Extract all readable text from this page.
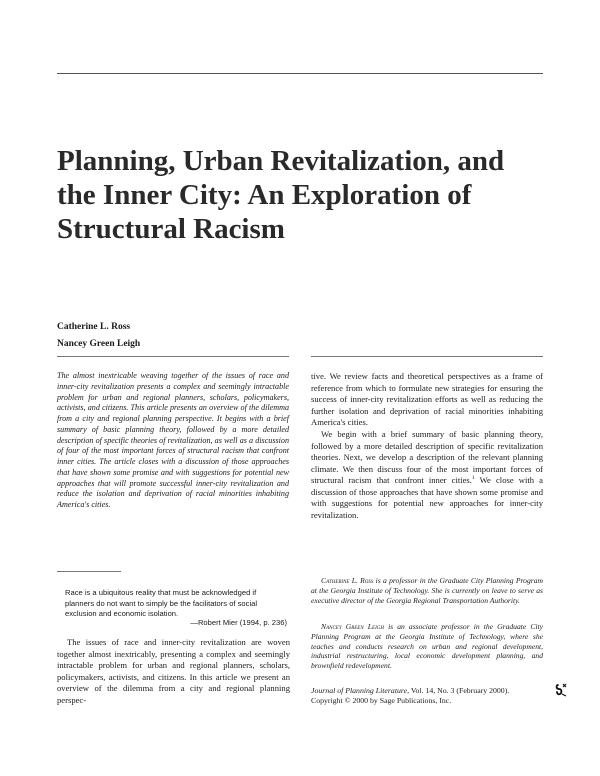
Planning, Urban Revitalization, and the Inner City: An Exploration of Structural Racism
Catherine L. Ross
Nancey Green Leigh

The almost inextricable weaving together of the issues of race and inner-city revitalization presents a complex and seemingly intractable problem for urban and regional planners, scholars, policymakers, activists, and citizens. This article presents an overview of the dilemma from a city and regional planning perspective. It begins with a brief summary of basic planning theory, followed by a more detailed description of specific theories of revitalization, as well as a discussion of four of the most important forces of structural racism that confront inner cities. The article closes with a discussion of those approaches that have shown some promise and with suggestions for potential new approaches that will promote successful inner-city revitalization and reduce the isolation and deprivation of racial minorities inhabiting America's cities.

Race is a ubiquitous reality that must be acknowledged if planners do not want to simply be the facilitators of social exclusion and economic isolation.

—Robert Mier (1994, p. 236)

The issues of race and inner-city revitalization are woven together almost inextricably, presenting a complex and seemingly intractable problem for urban and regional planners, scholars, policymakers, activists, and citizens. In this article we present an overview of the dilemma from a city and regional planning perspec-

tive. We review facts and theoretical perspectives as a frame of reference from which to formulate new strategies for ensuring the success of inner-city revitalization efforts as well as reducing the further isolation and deprivation of racial minorities inhabiting America's cities.

We begin with a brief summary of basic planning theory, followed by a more detailed description of specific revitalization theories. Next, we develop a description of the relevant planning climate. We then discuss four of the most important forces of structural racism that confront inner cities.$^1$ We close with a discussion of those approaches that have shown some promise and with suggestions for potential new approaches for inner-city revitalization.

Catherine L. Ross is a professor in the Graduate City Planning Program at the Georgia Institute of Technology. She is currently on leave to serve as executive director of the Georgia Regional Transportation Authority.

Nancey Green Leigh is an associate professor in the Graduate City Planning Program at the Georgia Institute of Technology, where she teaches and conducts research on urban and regional development, industrial restructuring, local economic development planning, and brownfield redevelopment.

Journal of Planning Literature, Vol. 14, No. 3 (February 2000).
Copyright © 2000 by Sage Publications, Inc.
